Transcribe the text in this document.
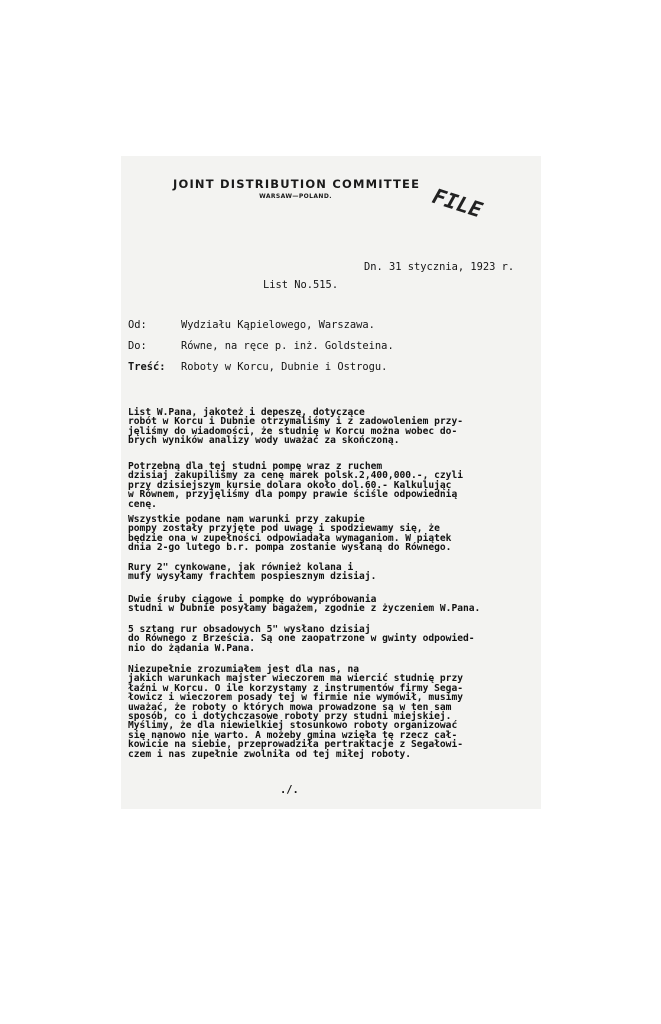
JOINT DISTRIBUTION COMMITTEE
WARSAW—POLAND.	FILE
Dn. 31 stycznia, 1923 r.
List No.515.
Od:	Wydziału Kąpielowego, Warszawa.
Do:	Równe, na ręce p. inż. Goldsteina.
Treść: Roboty w Korcu, Dubnie i Ostrogu.
List W.Pana, jakoteż i depeszę, dotyczące
robót w Korcu i Dubnie otrzymaliśmy i z zadowoleniem przy-
jęliśmy do wiadomości, że studnię w Korcu można wobec do-
brych wyników analizy wody uważać za skończoną.
Potrzebną dla tej studni pompę wraz z ruchem
dzisiaj zakupiliśmy za cenę marek polsk.2,400,000.-, czyli
przy dzisiejszym kursie dolara około dol.60.- Kalkulując
w Równem, przyjęliśmy dla pompy prawie ściśle odpowiednią
cenę.
Wszystkie podane nam warunki przy zakupie
pompy zostały przyjęte pod uwagę i spodziewamy się, że
będzie ona w zupełności odpowiadała wymaganiom. W piątek
dnia 2-go lutego b.r. pompa zostanie wysłaną do Równego.
Rury 2" cynkowane, jak również kolana i
mufy wysyłamy frachtem pospiesznym dzisiaj.
Dwie śruby ciągowe i pompkę do wypróbowania
studni w Dubnie posyłamy bagażem, zgodnie z życzeniem W.Pana.
5 sztang rur obsadowych 5" wysłano dzisiaj
do Równego z Brześcia. Są one zaopatrzone w gwinty odpowied-
nio do żądania W.Pana.
Niezupełnie zrozumiałem jest dla nas, na
jakich warunkach majster wieczorem ma wiercić studnię przy
łaźni w Korcu. O ile korzystamy z instrumentów firmy Sega-
łowicz i wieczorem posady tej w firmie nie wymówił, musimy
uważać, że roboty o których mowa prowadzone są w ten sam
sposób, co i dotychczasowe roboty przy studni miejskiej.
Myślimy, że dla niewielkiej stosunkowo roboty organizować
się nanowo nie warto. A możeby gmina wzięła tę rzecz cał-
kowicie na siebie, przeprowadziła pertraktacje z Segałowi-
czem i nas zupełnie zwolniła od tej miłej roboty.
./.
